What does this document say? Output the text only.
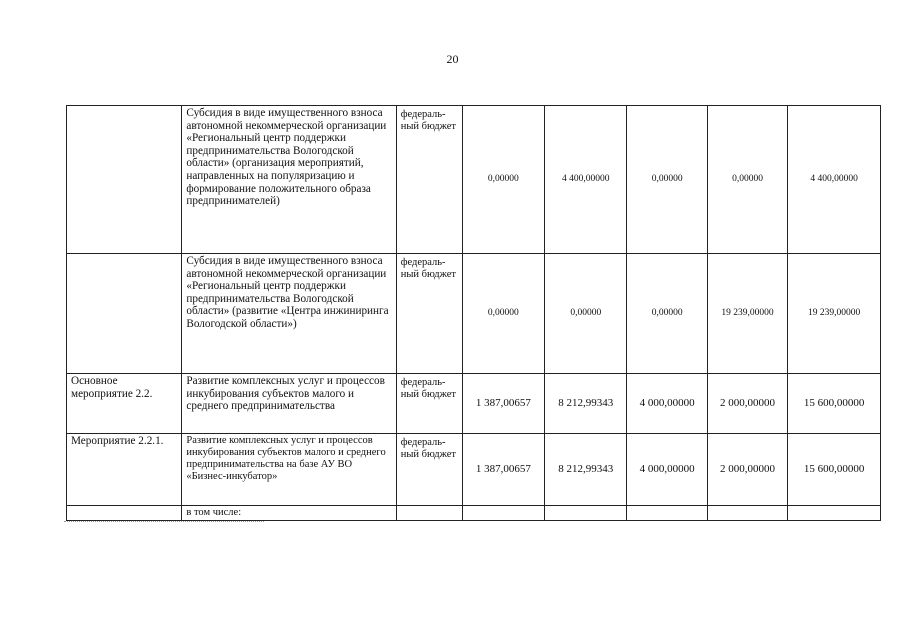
20
	Субсидия в виде имущественного взноса автономной некоммерческой организации «Региональный центр поддержки предпринимательства Вологодской области» (организация мероприятий, направленных на популяризацию и формирование положительного образа предпринимателей)	федераль-ный бюджет	0,00000	4 400,00000	0,00000	0,00000	4 400,00000
	Субсидия в виде имущественного взноса автономной некоммерческой организации «Региональный центр поддержки предпринимательства Вологодской области» (развитие «Центра инжиниринга Вологодской области»)	федераль-ный бюджет	0,00000	0,00000	0,00000	19 239,00000	19 239,00000
Основное мероприятие 2.2.	Развитие комплексных услуг и процессов инкубирования субъектов малого и среднего предпринимательства	федераль-ный бюджет	1 387,00657	8 212,99343	4 000,00000	2 000,00000	15 600,00000
Мероприятие 2.2.1.	Развитие комплексных услуг и процессов инкубирования субъектов малого и среднего предпринимательства на базе АУ ВО «Бизнес-инкубатор»	федераль-ный бюджет	1 387,00657	8 212,99343	4 000,00000	2 000,00000	15 600,00000
	в том числе:						
